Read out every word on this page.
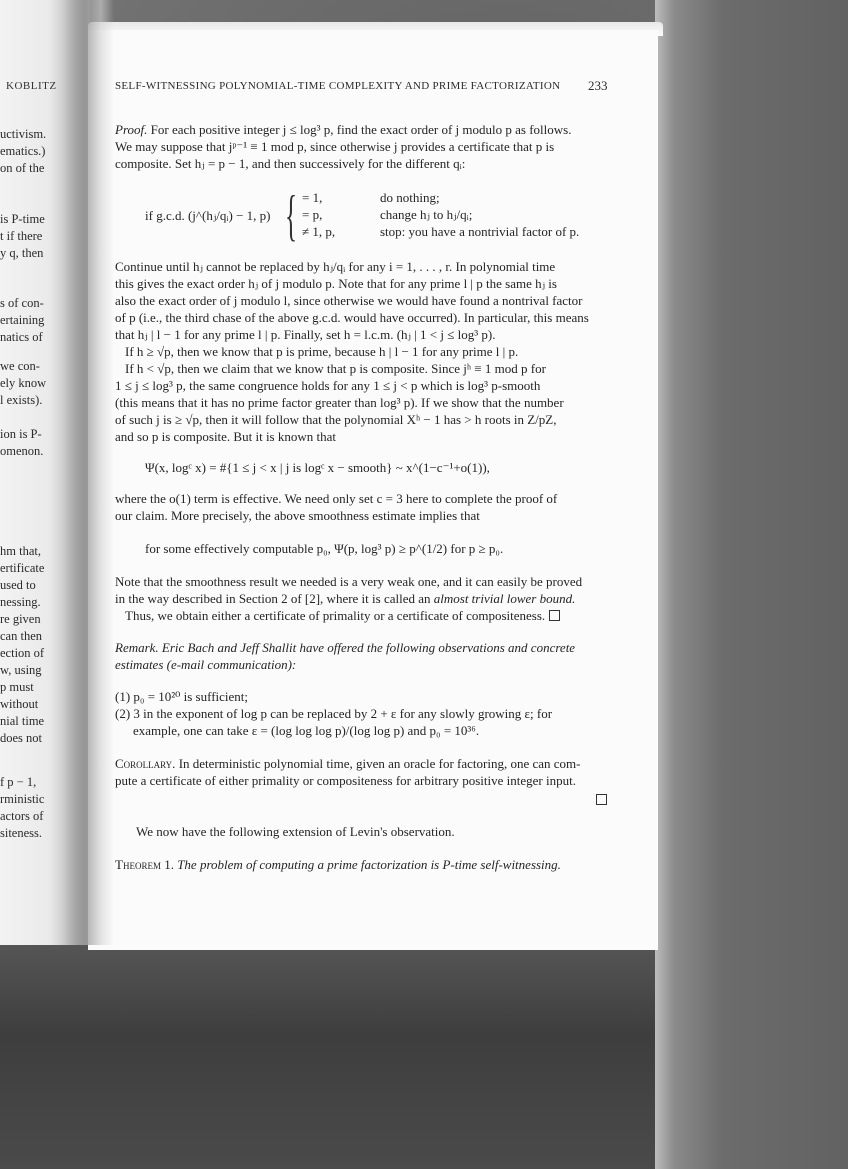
KOBLITZ
uctivism.
ematics.)
on of the
is P-time
t if there
y q, then
s of con-
ertaining
natics of
we con-
ely know
l exists).
ion is P-
omenon.
hm that,
ertificate
used to
nessing.
re given
can then
ection of
w, using
p must
without
nial time
does not
f p − 1,
rministic
actors of
siteness.
SELF-WITNESSING POLYNOMIAL-TIME COMPLEXITY AND PRIME FACTORIZATION	233
Proof. For each positive integer j ≤ log³ p, find the exact order of j modulo p as follows.
We may suppose that jᵖ⁻¹ ≡ 1 mod p, since otherwise j provides a certificate that p is
composite. Set hⱼ = p − 1, and then successively for the different qᵢ:
if g.c.d. (j^(hⱼ/qᵢ) − 1, p) { = 1,	do nothing;
= p,	change hⱼ to hⱼ/qᵢ;
≠ 1, p,	stop: you have a nontrivial factor of p.
Continue until hⱼ cannot be replaced by hⱼ/qᵢ for any i = 1, . . . , r. In polynomial time
this gives the exact order hⱼ of j modulo p. Note that for any prime l | p the same hⱼ is
also the exact order of j modulo l, since otherwise we would have found a nontrival factor
of p (i.e., the third chase of the above g.c.d. would have occurred). In particular, this means
that hⱼ | l − 1 for any prime l | p. Finally, set h = l.c.m. (hⱼ | 1 < j ≤ log³ p).
If h ≥ √p, then we know that p is prime, because h | l − 1 for any prime l | p.
If h < √p, then we claim that we know that p is composite. Since jʰ ≡ 1 mod p for
1 ≤ j ≤ log³ p, the same congruence holds for any 1 ≤ j < p which is log³ p-smooth
(this means that it has no prime factor greater than log³ p). If we show that the number
of such j is ≥ √p, then it will follow that the polynomial Xʰ − 1 has > h roots in Z/pZ,
and so p is composite. But it is known that
Ψ(x, logᶜ x) = #{1 ≤ j < x | j is logᶜ x − smooth} ~ x^(1−c⁻¹+o(1)),
where the o(1) term is effective. We need only set c = 3 here to complete the proof of
our claim. More precisely, the above smoothness estimate implies that
for some effectively computable p₀, Ψ(p, log³ p) ≥ p^(1/2) for p ≥ p₀.
Note that the smoothness result we needed is a very weak one, and it can easily be proved
in the way described in Section 2 of [2], where it is called an almost trivial lower bound.
Thus, we obtain either a certificate of primality or a certificate of compositeness.
Remark. Eric Bach and Jeff Shallit have offered the following observations and concrete
estimates (e-mail communication):
(1) p₀ = 10²⁰ is sufficient;
(2) 3 in the exponent of log p can be replaced by 2 + ε for any slowly growing ε; for
example, one can take ε = (log log log p)/(log log p) and p₀ = 10³⁶.
Corollary. In deterministic polynomial time, given an oracle for factoring, one can com-
pute a certificate of either primality or compositeness for arbitrary positive integer input.
We now have the following extension of Levin's observation.
Theorem 1. The problem of computing a prime factorization is P-time self-witnessing.
